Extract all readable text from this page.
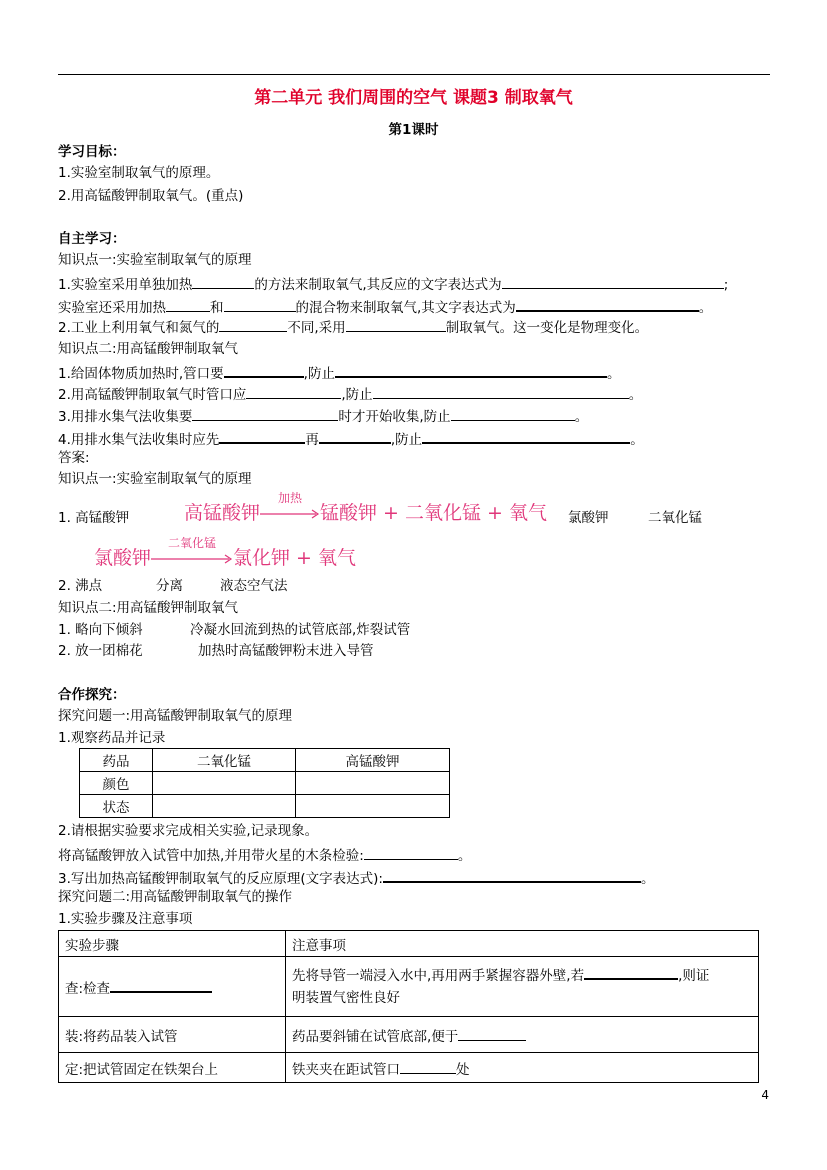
第二单元 我们周围的空气 课题3 制取氧气
第1课时
学习目标：
1.实验室制取氧气的原理。
2.用高锰酸钾制取氧气。(重点)
自主学习：
知识点一:实验室制取氧气的原理
1.实验室采用单独加热	的方法来制取氧气,其反应的文字表达式为	;
实验室还采用加热	和	的混合物来制取氧气,其文字表达式为	。
2.工业上利用氧气和氮气的	不同,采用	制取氧气。这一变化是物理变化。
知识点二:用高锰酸钾制取氧气
1.给固体物质加热时,管口要	,防止	。
2.用高锰酸钾制取氧气时管口应	,防止	。
3.用排水集气法收集要	时才开始收集,防止	。
4.用排水集气法收集时应先	再	,防止	。
答案:
知识点一:实验室制取氧气的原理
1. 高锰酸钾	高锰酸钾
加热
锰酸钾 + 二氧化锰 + 氧气 氯酸钾	二氧化锰
氯酸钾
二氧化锰
氯化钾 + 氧气
2. 沸点	分离	液态空气法
知识点二:用高锰酸钾制取氧气
1. 略向下倾斜	冷凝水回流到热的试管底部,炸裂试管
2. 放一团棉花	加热时高锰酸钾粉末进入导管
合作探究：
探究问题一:用高锰酸钾制取氧气的原理
1.观察药品并记录
药品	二氧化锰	高锰酸钾
颜色		
状态		
2.请根据实验要求完成相关实验,记录现象。
将高锰酸钾放入试管中加热,并用带火星的木条检验:	。
3.写出加热高锰酸钾制取氧气的反应原理(文字表达式):	。
探究问题二:用高锰酸钾制取氧气的操作
1.实验步骤及注意事项
实验步骤	注意事项
查:检查	先将导管一端浸入水中,再用两手紧握容器外壁,若 ,则证
明装置气密性良好
装:将药品装入试管	药品要斜铺在试管底部,便于
定:把试管固定在铁架台上	铁夹夹在距试管口 处
4
